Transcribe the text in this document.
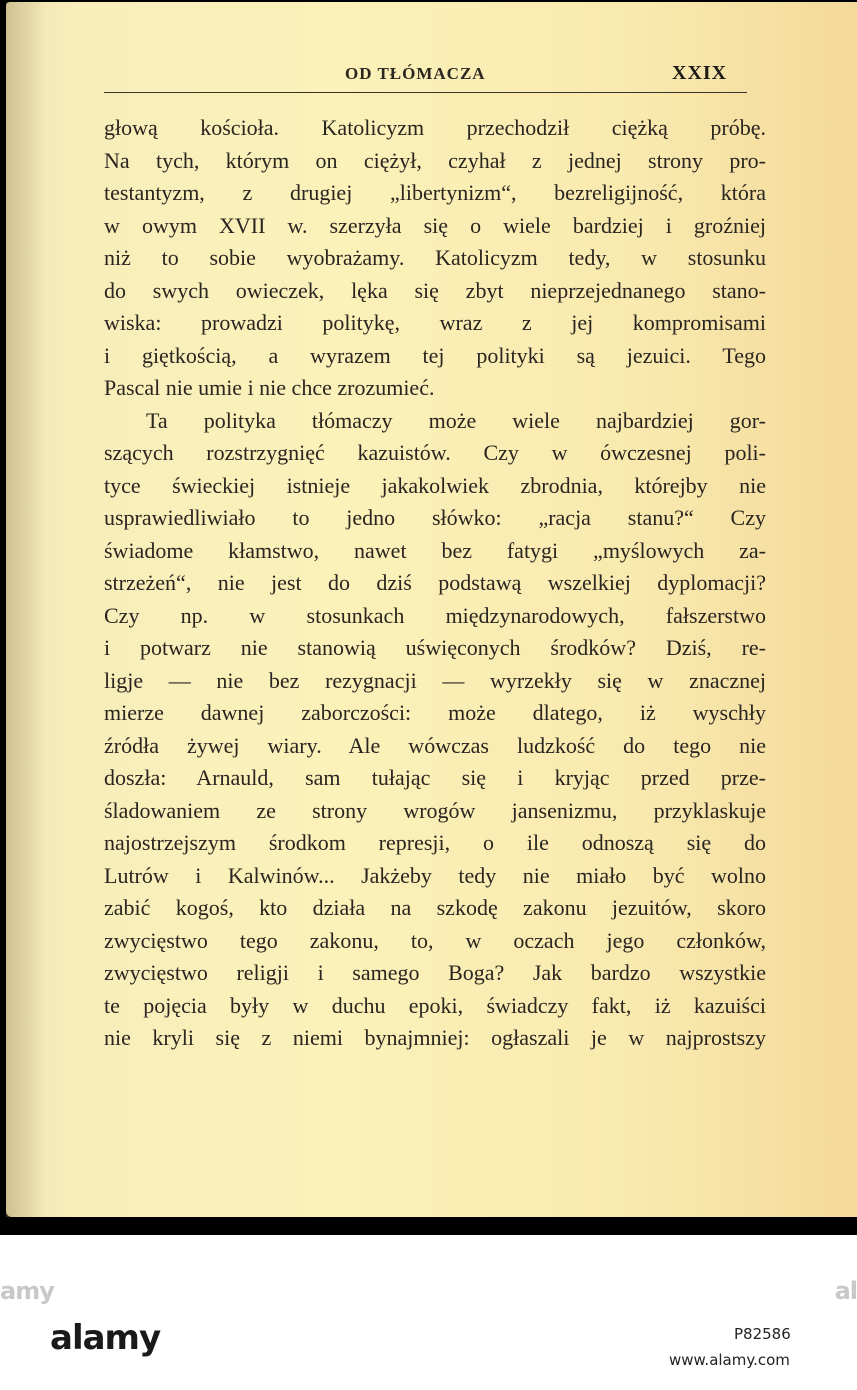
OD TŁÓMACZA	XXIX
głową kościoła. Katolicyzm przechodził ciężką próbę.
Na tych, którym on ciężył, czyhał z jednej strony pro-
testantyzm, z drugiej „libertynizm“, bezreligijność, która
w owym XVII w. szerzyła się o wiele bardziej i groźniej
niż to sobie wyobrażamy. Katolicyzm tedy, w stosunku
do swych owieczek, lęka się zbyt nieprzejednanego stano-
wiska: prowadzi politykę, wraz z jej kompromisami
i giętkością, a wyrazem tej polityki są jezuici. Tego
Pascal nie umie i nie chce zrozumieć.
Ta polityka tłómaczy może wiele najbardziej gor-
szących rozstrzygnięć kazuistów. Czy w ówczesnej poli-
tyce świeckiej istnieje jakakolwiek zbrodnia, którejby nie
usprawiedliwiało to jedno słówko: „racja stanu?“ Czy
świadome kłamstwo, nawet bez fatygi „myślowych za-
strzeżeń“, nie jest do dziś podstawą wszelkiej dyplomacji?
Czy np. w stosunkach międzynarodowych, fałszerstwo
i potwarz nie stanowią uświęconych środków? Dziś, re-
ligje — nie bez rezygnacji — wyrzekły się w znacznej
mierze dawnej zaborczości: może dlatego, iż wyschły
źródła żywej wiary. Ale wówczas ludzkość do tego nie
doszła: Arnauld, sam tułając się i kryjąc przed prze-
śladowaniem ze strony wrogów jansenizmu, przyklaskuje
najostrzejszym środkom represji, o ile odnoszą się do
Lutrów i Kalwinów... Jakżeby tedy nie miało być wolno
zabić kogoś, kto działa na szkodę zakonu jezuitów, skoro
zwycięstwo tego zakonu, to, w oczach jego członków,
zwycięstwo religji i samego Boga? Jak bardzo wszystkie
te pojęcia były w duchu epoki, świadczy fakt, iż kazuiści
nie kryli się z niemi bynajmniej: ogłaszali je w najprostszy
amy	al
alamy	P82586
www.alamy.com
